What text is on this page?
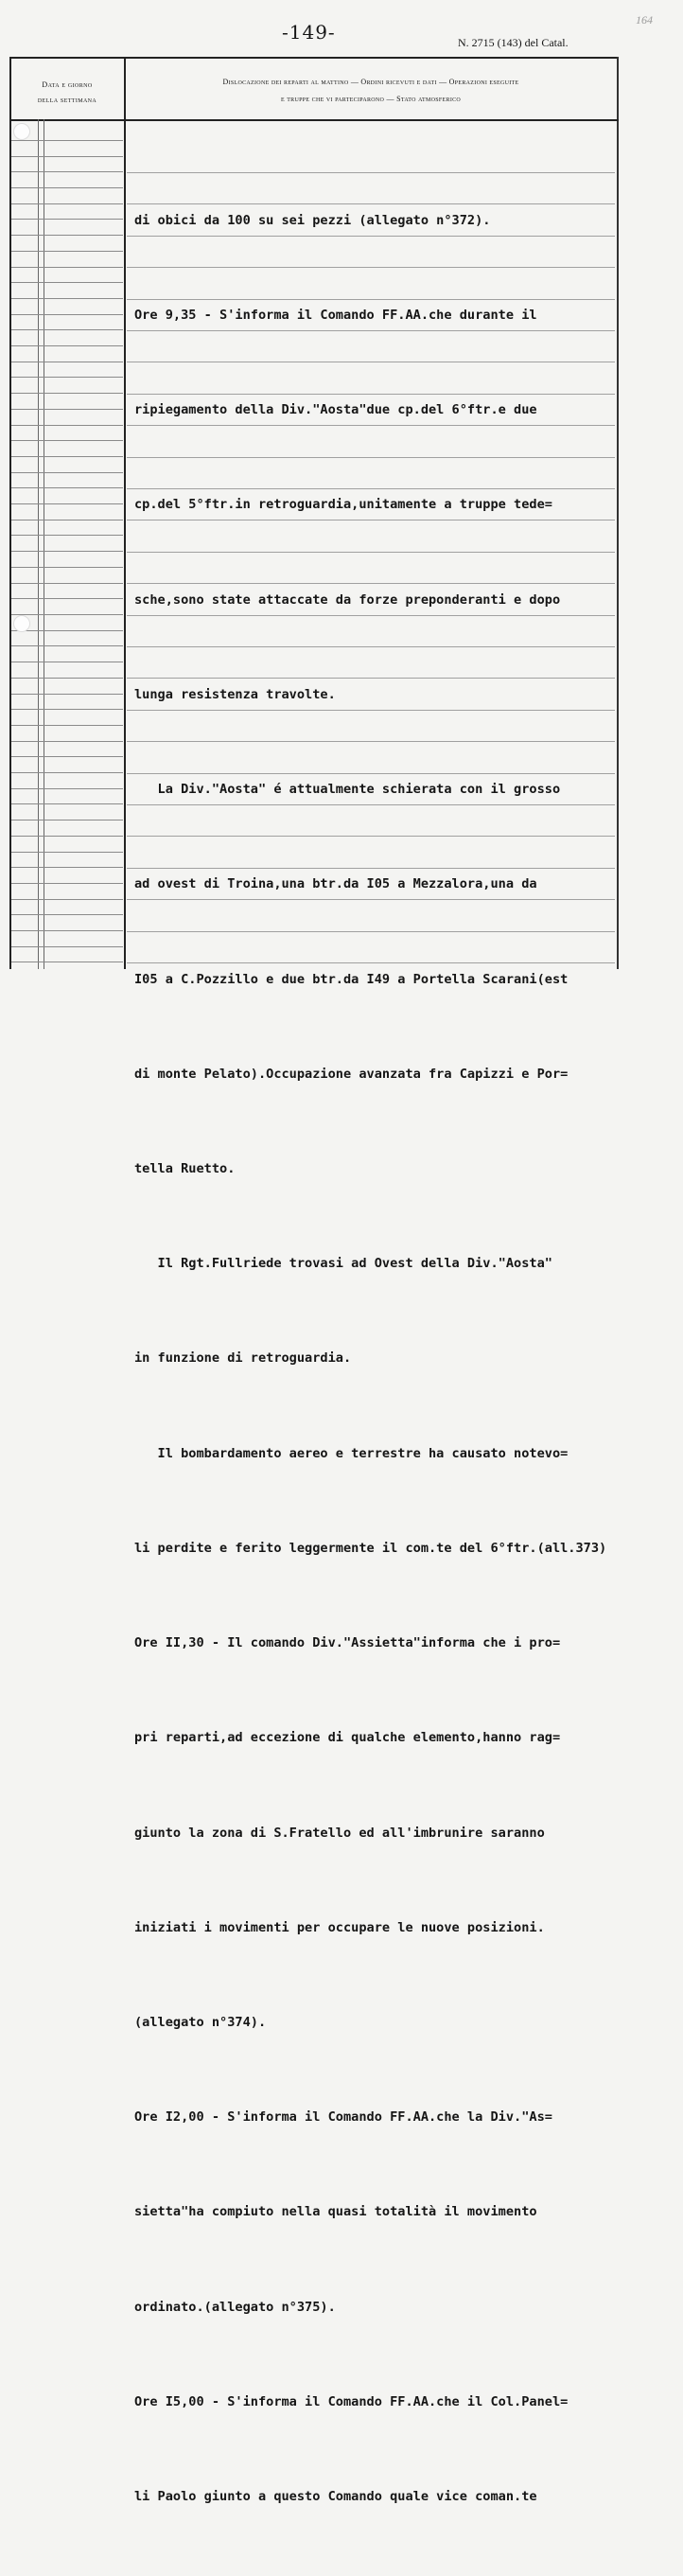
164
-149-	N. 2715 (143) del Catal.
Data e giorno
della settimana
Dislocazione dei reparti al mattino — Ordini ricevuti e dati — Operazioni eseguite
e truppe che vi parteciparono — Stato atmosferico

di obici da 100 su sei pezzi (allegato n°372).

Ore 9,35 - S'informa il Comando FF.AA.che durante il

ripiegamento della Div."Aosta"due cp.del 6°ftr.e due

cp.del 5°ftr.in retroguardia,unitamente a truppe tede=

sche,sono state attaccate da forze preponderanti e dopo

lunga resistenza travolte.

La Div."Aosta" é attualmente schierata con il grosso

ad ovest di Troina,una btr.da I05 a Mezzalora,una da

I05 a C.Pozzillo e due btr.da I49 a Portella Scarani(est

di monte Pelato).Occupazione avanzata fra Capizzi e Por=

tella Ruetto.

Il Rgt.Fullriede trovasi ad Ovest della Div."Aosta"

in funzione di retroguardia.

Il bombardamento aereo e terrestre ha causato notevo=

li perdite e ferito leggermente il com.te del 6°ftr.(all.373)

Ore II,30 - Il comando Div."Assietta"informa che i pro=

pri reparti,ad eccezione di qualche elemento,hanno rag=

giunto la zona di S.Fratello ed all'imbrunire saranno

iniziati i movimenti per occupare le nuove posizioni.

(allegato n°374).

Ore I2,00 - S'informa il Comando FF.AA.che la Div."As=

sietta"ha compiuto nella quasi totalità il movimento

ordinato.(allegato n°375).

Ore I5,00 - S'informa il Comando FF.AA.che il Col.Panel=

li Paolo giunto a questo Comando quale vice coman.te
